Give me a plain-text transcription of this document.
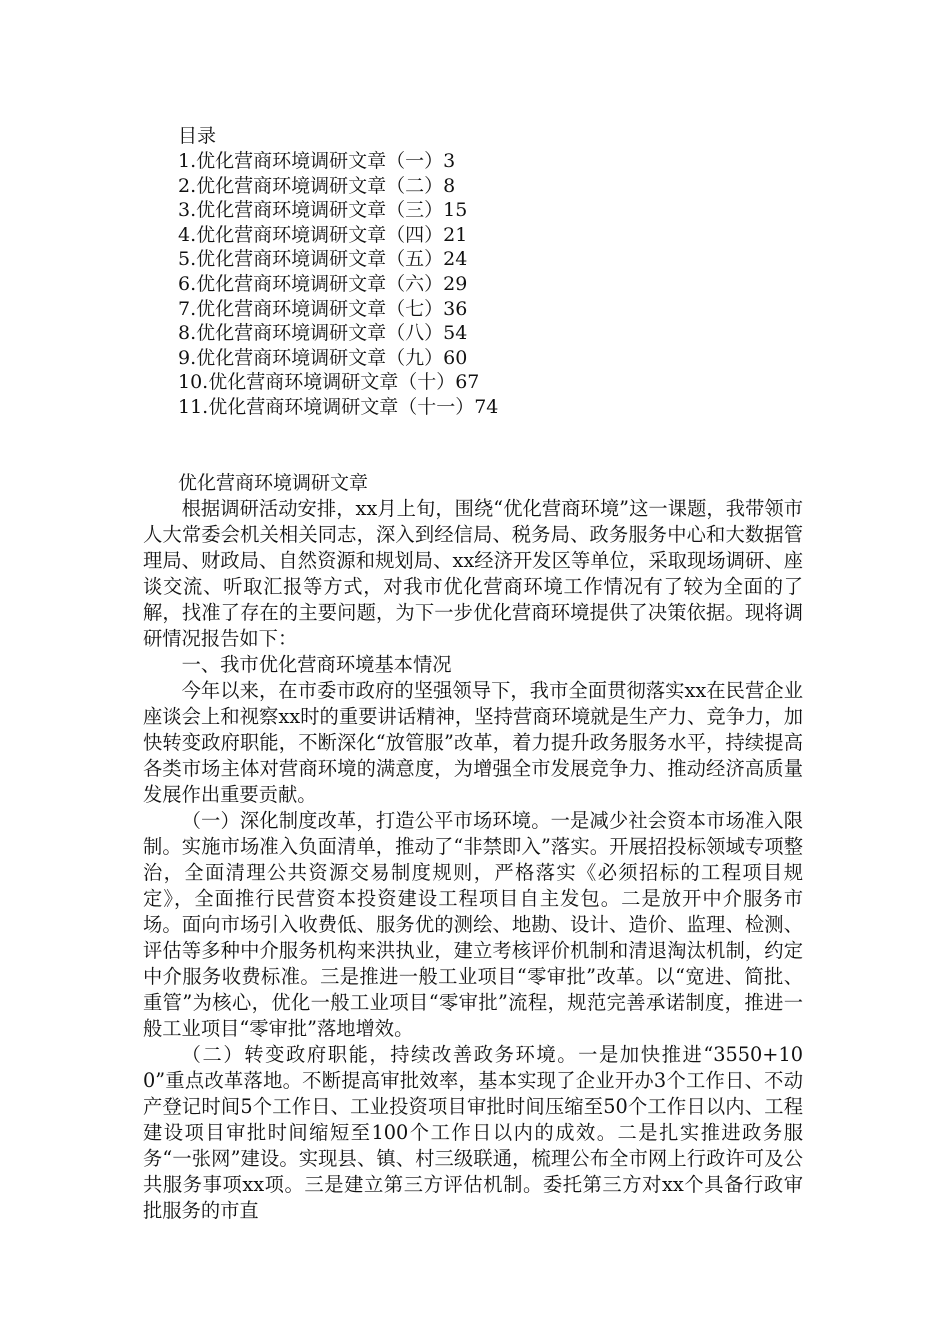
目录
1.优化营商环境调研文章（一）3
2.优化营商环境调研文章（二）8
3.优化营商环境调研文章（三）15
4.优化营商环境调研文章（四）21
5.优化营商环境调研文章（五）24
6.优化营商环境调研文章（六）29
7.优化营商环境调研文章（七）36
8.优化营商环境调研文章（八）54
9.优化营商环境调研文章（九）60
10.优化营商环境调研文章（十）67
11.优化营商环境调研文章（十一）74
优化营商环境调研文章

根据调研活动安排，xx月上旬，围绕“优化营商环境”这一课题，我带领市人大常委会机关相关同志，深入到经信局、税务局、政务服务中心和大数据管理局、财政局、自然资源和规划局、xx经济开发区等单位，采取现场调研、座谈交流、听取汇报等方式，对我市优化营商环境工作情况有了较为全面的了解，找准了存在的主要问题，为下一步优化营商环境提供了决策依据。现将调研情况报告如下：

一、我市优化营商环境基本情况

今年以来，在市委市政府的坚强领导下，我市全面贯彻落实xx在民营企业座谈会上和视察xx时的重要讲话精神，坚持营商环境就是生产力、竞争力，加快转变政府职能，不断深化“放管服”改革，着力提升政务服务水平，持续提高各类市场主体对营商环境的满意度，为增强全市发展竞争力、推动经济高质量发展作出重要贡献。

（一）深化制度改革，打造公平市场环境。一是减少社会资本市场准入限制。实施市场准入负面清单，推动了“非禁即入”落实。开展招投标领域专项整治，全面清理公共资源交易制度规则，严格落实《必须招标的工程项目规定》，全面推行民营资本投资建设工程项目自主发包。二是放开中介服务市场。面向市场引入收费低、服务优的测绘、地勘、设计、造价、监理、检测、评估等多种中介服务机构来洪执业，建立考核评价机制和清退淘汰机制，约定中介服务收费标准。三是推进一般工业项目“零审批”改革。以“宽进、简批、重管”为核心，优化一般工业项目“零审批”流程，规范完善承诺制度，推进一般工业项目“零审批”落地增效。

（二）转变政府职能，持续改善政务环境。一是加快推进“3550+100”重点改革落地。不断提高审批效率，基本实现了企业开办3个工作日、不动产登记时间5个工作日、工业投资项目审批时间压缩至50个工作日以内、工程建设项目审批时间缩短至100个工作日以内的成效。二是扎实推进政务服务“一张网”建设。实现县、镇、村三级联通，梳理公布全市网上行政许可及公共服务事项xx项。三是建立第三方评估机制。委托第三方对xx个具备行政审批服务的市直
